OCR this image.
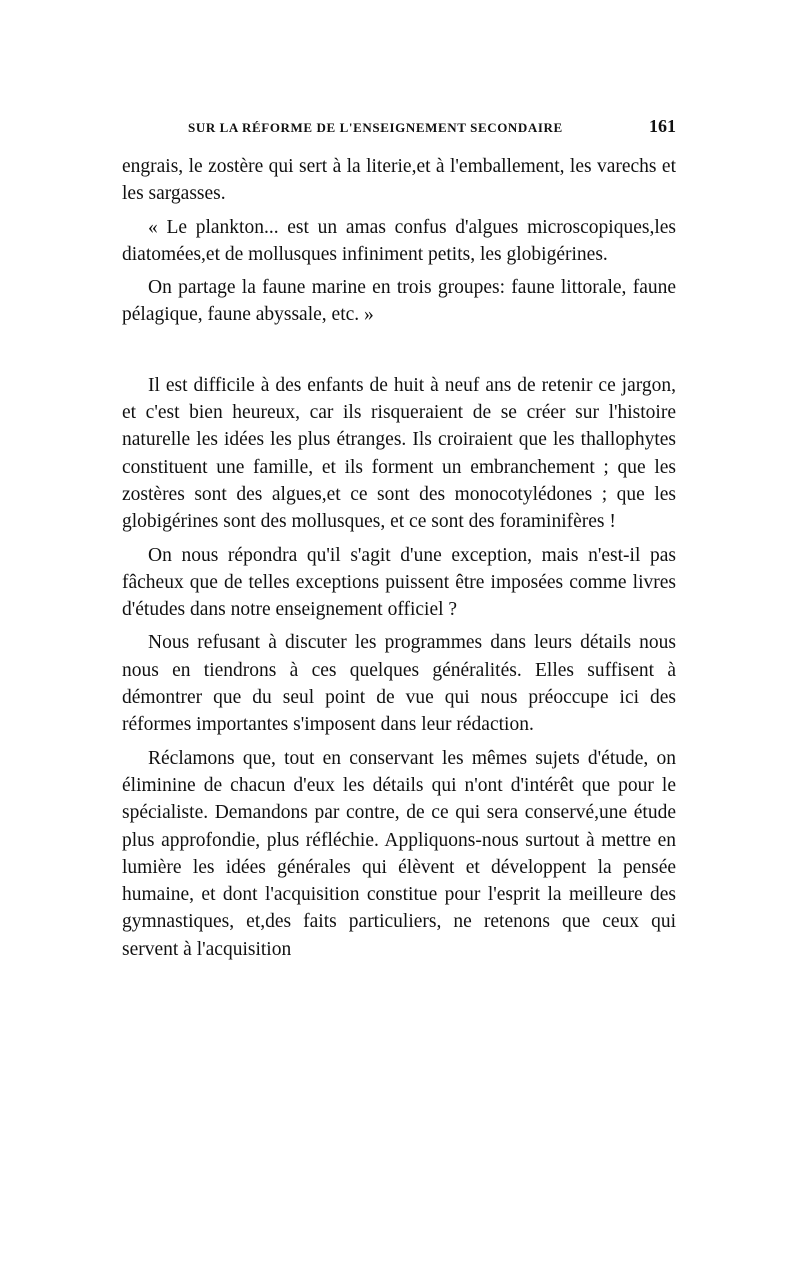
SUR LA RÉFORME DE L'ENSEIGNEMENT SECONDAIRE	161

engrais, le zostère qui sert à la literie,et à l'emballement, les varechs et les sargasses.

« Le plankton... est un amas confus d'algues microscopiques,les diatomées,et de mollusques infiniment petits, les globigérines.

On partage la faune marine en trois groupes: faune littorale, faune pélagique, faune abyssale, etc. »

Il est difficile à des enfants de huit à neuf ans de retenir ce jargon, et c'est bien heureux, car ils risqueraient de se créer sur l'histoire naturelle les idées les plus étranges. Ils croiraient que les thallophytes constituent une famille, et ils forment un embranchement ; que les zostères sont des algues,et ce sont des monocotylédones ; que les globigérines sont des mollusques, et ce sont des foraminifères !

On nous répondra qu'il s'agit d'une exception, mais n'est-il pas fâcheux que de telles exceptions puissent être imposées comme livres d'études dans notre enseignement officiel ?

Nous refusant à discuter les programmes dans leurs détails nous nous en tiendrons à ces quelques généralités. Elles suffisent à démontrer que du seul point de vue qui nous préoccupe ici des réformes importantes s'imposent dans leur rédaction.

Réclamons que, tout en conservant les mêmes sujets d'étude, on éliminine de chacun d'eux les détails qui n'ont d'intérêt que pour le spécialiste. Demandons par contre, de ce qui sera conservé,une étude plus approfondie, plus réfléchie. Appliquons-nous surtout à mettre en lumière les idées générales qui élèvent et développent la pensée humaine, et dont l'acquisition constitue pour l'esprit la meilleure des gymnastiques, et,des faits particuliers, ne retenons que ceux qui servent à l'acquisition
